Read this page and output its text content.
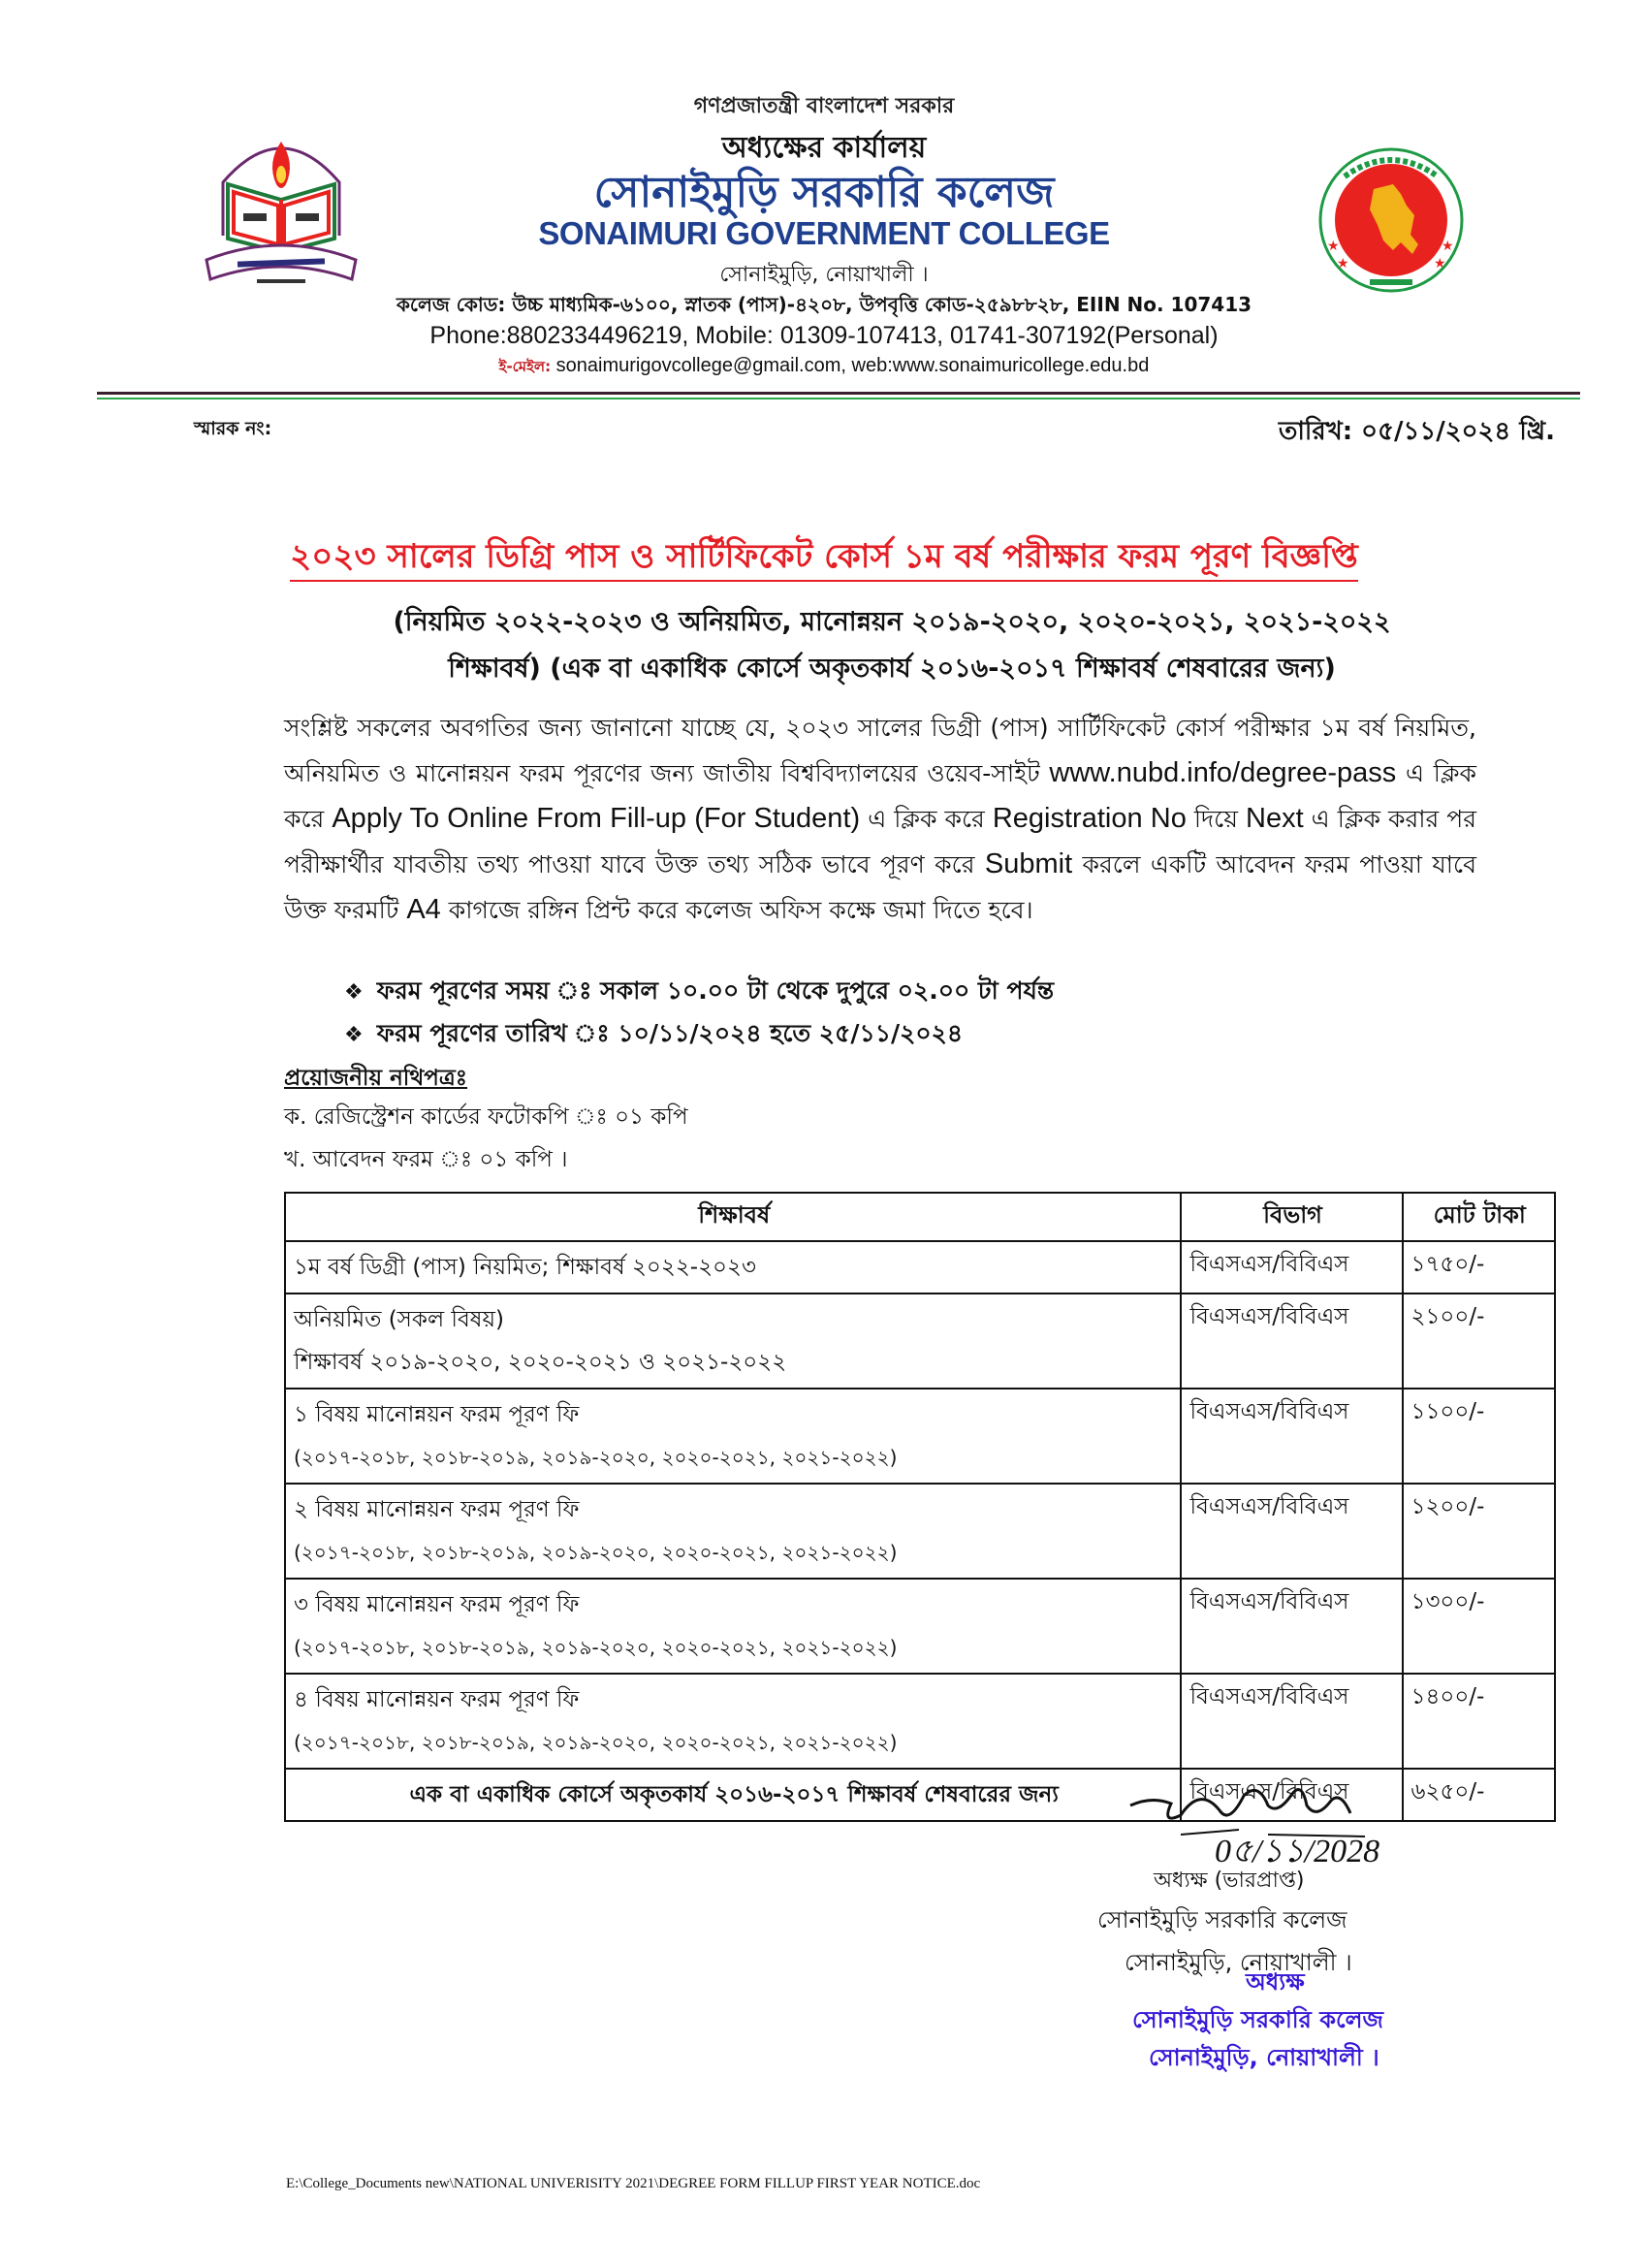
★	★
★	★
গণপ্রজাতন্ত্রী বাংলাদেশ সরকার
অধ্যক্ষের কার্যালয়
সোনাইমুড়ি সরকারি কলেজ
SONAIMURI GOVERNMENT COLLEGE
সোনাইমুড়ি, নোয়াখালী ।
কলেজ কোড: উচ্চ মাধ্যমিক-৬১০০, স্নাতক (পাস)-৪২০৮, উপবৃত্তি কোড-২৫৯৮৮২৮, EIIN No. 107413
Phone:8802334496219, Mobile: 01309-107413, 01741-307192(Personal)
ই-মেইল: sonaimurigovcollege@gmail.com, web:www.sonaimuricollege.edu.bd
স্মারক নং:	তারিখ: ০৫/১১/২০২৪ খ্রি.
২০২৩ সালের ডিগ্রি পাস ও সার্টিফিকেট কোর্স ১ম বর্ষ পরীক্ষার ফরম পূরণ বিজ্ঞপ্তি
(নিয়মিত ২০২২-২০২৩ ও অনিয়মিত, মানোন্নয়ন ২০১৯-২০২০, ২০২০-২০২১, ২০২১-২০২২
শিক্ষাবর্ষ) (এক বা একাধিক কোর্সে অকৃতকার্য ২০১৬-২০১৭ শিক্ষাবর্ষ শেষবারের জন্য)
সংশ্লিষ্ট সকলের অবগতির জন্য জানানো যাচ্ছে যে, ২০২৩ সালের ডিগ্রী (পাস) সার্টিফিকেট কোর্স পরীক্ষার ১ম বর্ষ নিয়মিত, অনিয়মিত ও মানোন্নয়ন ফরম পূরণের জন্য জাতীয় বিশ্ববিদ্যালয়ের ওয়েব-সাইট www.nubd.info/degree-pass এ ক্লিক করে Apply To Online From Fill-up (For Student) এ ক্লিক করে Registration No দিয়ে Next এ ক্লিক করার পর পরীক্ষার্থীর যাবতীয় তথ্য পাওয়া যাবে উক্ত তথ্য সঠিক ভাবে পূরণ করে Submit করলে একটি আবেদন ফরম পাওয়া যাবে উক্ত ফরমটি A4 কাগজে রঙ্গিন প্রিন্ট করে কলেজ অফিস কক্ষে জমা দিতে হবে।
❖ ফরম পূরণের সময় ঃ সকাল ১০.০০ টা থেকে দুপুরে ০২.০০ টা পর্যন্ত
❖ ফরম পূরণের তারিখ ঃ ১০/১১/২০২৪ হতে ২৫/১১/২০২৪
প্রয়োজনীয় নথিপত্রঃ
ক. রেজিস্ট্রেশন কার্ডের ফটোকপি ঃ ০১ কপি
খ. আবেদন ফরম ঃ ০১ কপি ।
শিক্ষাবর্ষ	বিভাগ	মোট টাকা

১ম বর্ষ ডিগ্রী (পাস) নিয়মিত; শিক্ষাবর্ষ ২০২২-২০২৩	বিএসএস/বিবিএস	১৭৫০/-

অনিয়মিত (সকল বিষয়)
শিক্ষাবর্ষ ২০১৯-২০২০, ২০২০-২০২১ ও ২০২১-২০২২	বিএসএস/বিবিএস	২১০০/-

১ বিষয় মানোন্নয়ন ফরম পূরণ ফি
(২০১৭-২০১৮, ২০১৮-২০১৯, ২০১৯-২০২০, ২০২০-২০২১, ২০২১-২০২২)	বিএসএস/বিবিএস	১১০০/-

২ বিষয় মানোন্নয়ন ফরম পূরণ ফি
(২০১৭-২০১৮, ২০১৮-২০১৯, ২০১৯-২০২০, ২০২০-২০২১, ২০২১-২০২২)	বিএসএস/বিবিএস	১২০০/-

৩ বিষয় মানোন্নয়ন ফরম পূরণ ফি
(২০১৭-২০১৮, ২০১৮-২০১৯, ২০১৯-২০২০, ২০২০-২০২১, ২০২১-২০২২)	বিএসএস/বিবিএস	১৩০০/-

৪ বিষয় মানোন্নয়ন ফরম পূরণ ফি
(২০১৭-২০১৮, ২০১৮-২০১৯, ২০১৯-২০২০, ২০২০-২০২১, ২০২১-২০২২)	বিএসএস/বিবিএস	১৪০০/-

এক বা একাধিক কোর্সে অকৃতকার্য ২০১৬-২০১৭ শিক্ষাবর্ষ শেষবারের জন্য	বিএসএস/বিবিএস	৬২৫০/-
0৫/১১/2028
অধ্যক্ষ (ভারপ্রাপ্ত)
সোনাইমুড়ি সরকারি কলেজ
সোনাইমুড়ি, নোয়াখালী ।
অধ্যক্ষ
সোনাইমুড়ি সরকারি কলেজ
সোনাইমুড়ি, নোয়াখালী ।
E:\College_Documents new\NATIONAL UNIVERISITY 2021\DEGREE FORM FILLUP FIRST YEAR NOTICE.doc
